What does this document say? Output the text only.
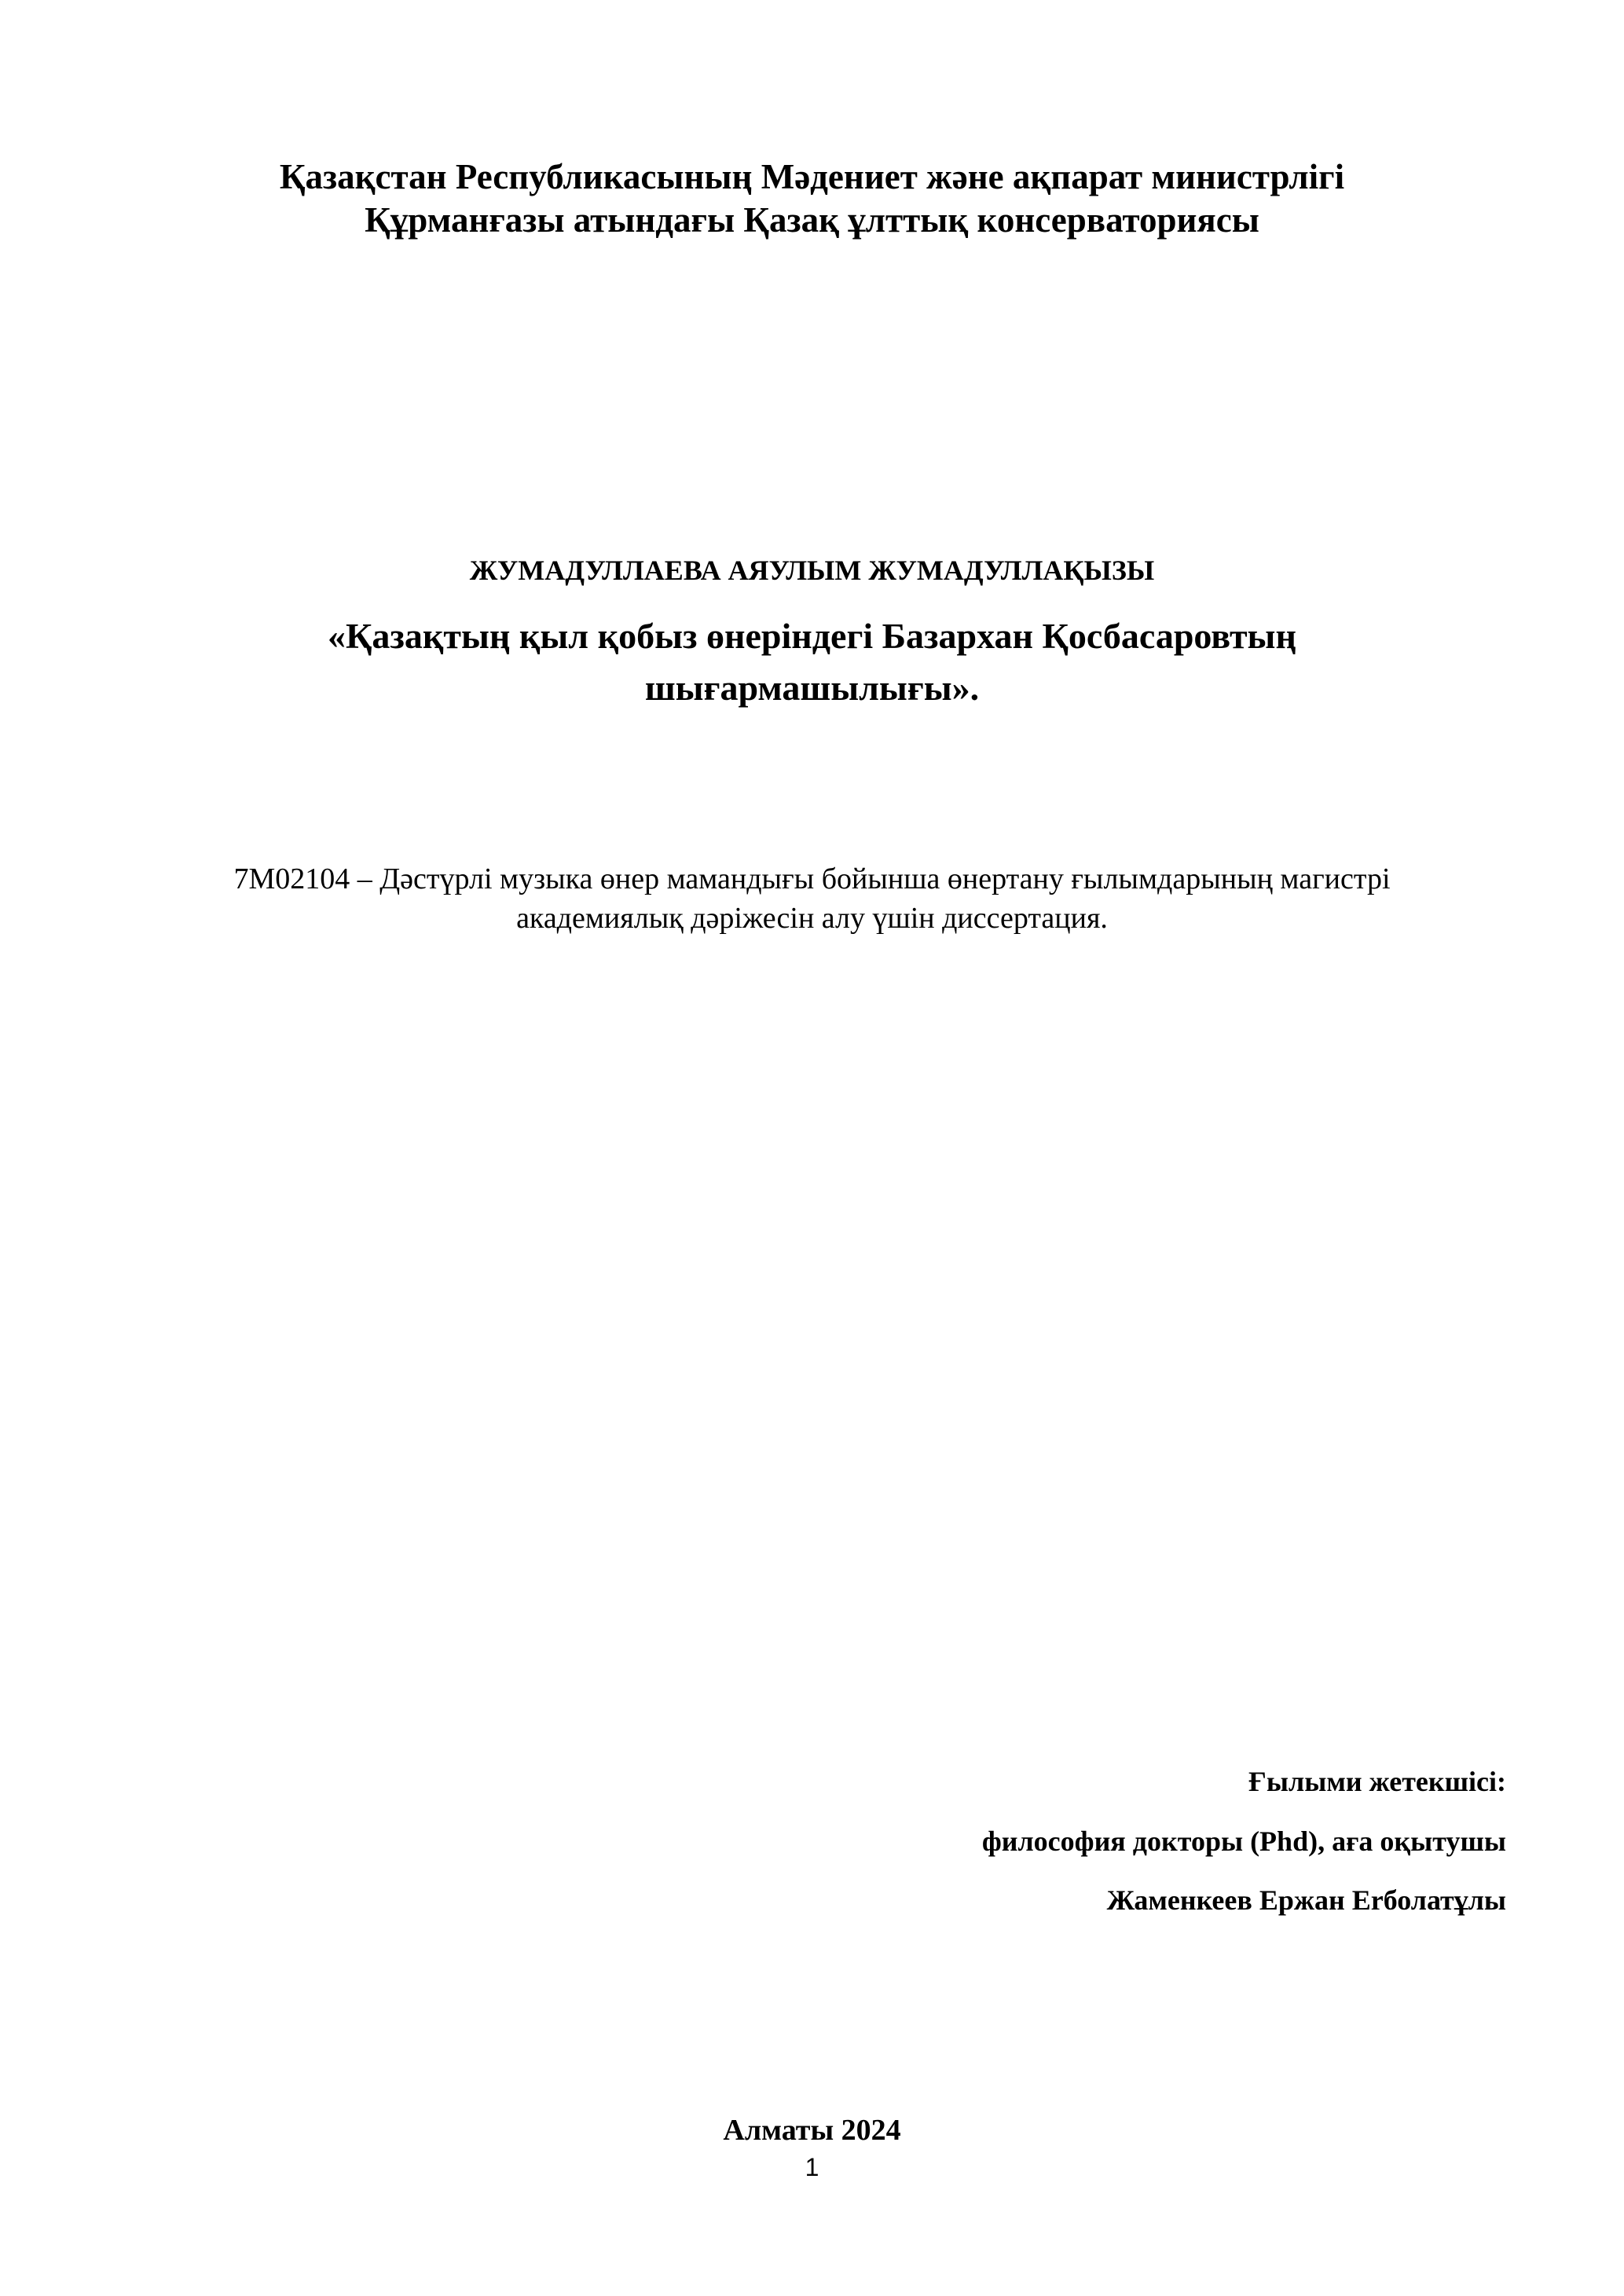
Қазақстан Республикасының Мәдениет және ақпарат министрлігі
Құрманғазы атындағы Қазақ ұлттық консерваториясы
ЖУМАДУЛЛАЕВА АЯУЛЫМ ЖУМАДУЛЛАҚЫЗЫ
«Қазақтың қыл қобыз өнеріндегі Базархан Қосбасаровтың
шығармашылығы».
7М02104 – Дәстүрлі музыка өнер мамандығы бойынша өнертану ғылымдарының магистрі
академиялық дәріжесін алу үшін диссертация.
Ғылыми жетекшісі:
философия докторы (Phd), аға оқытушы
Жаменкеев Ержан Erболатұлы
Алматы 2024
1
